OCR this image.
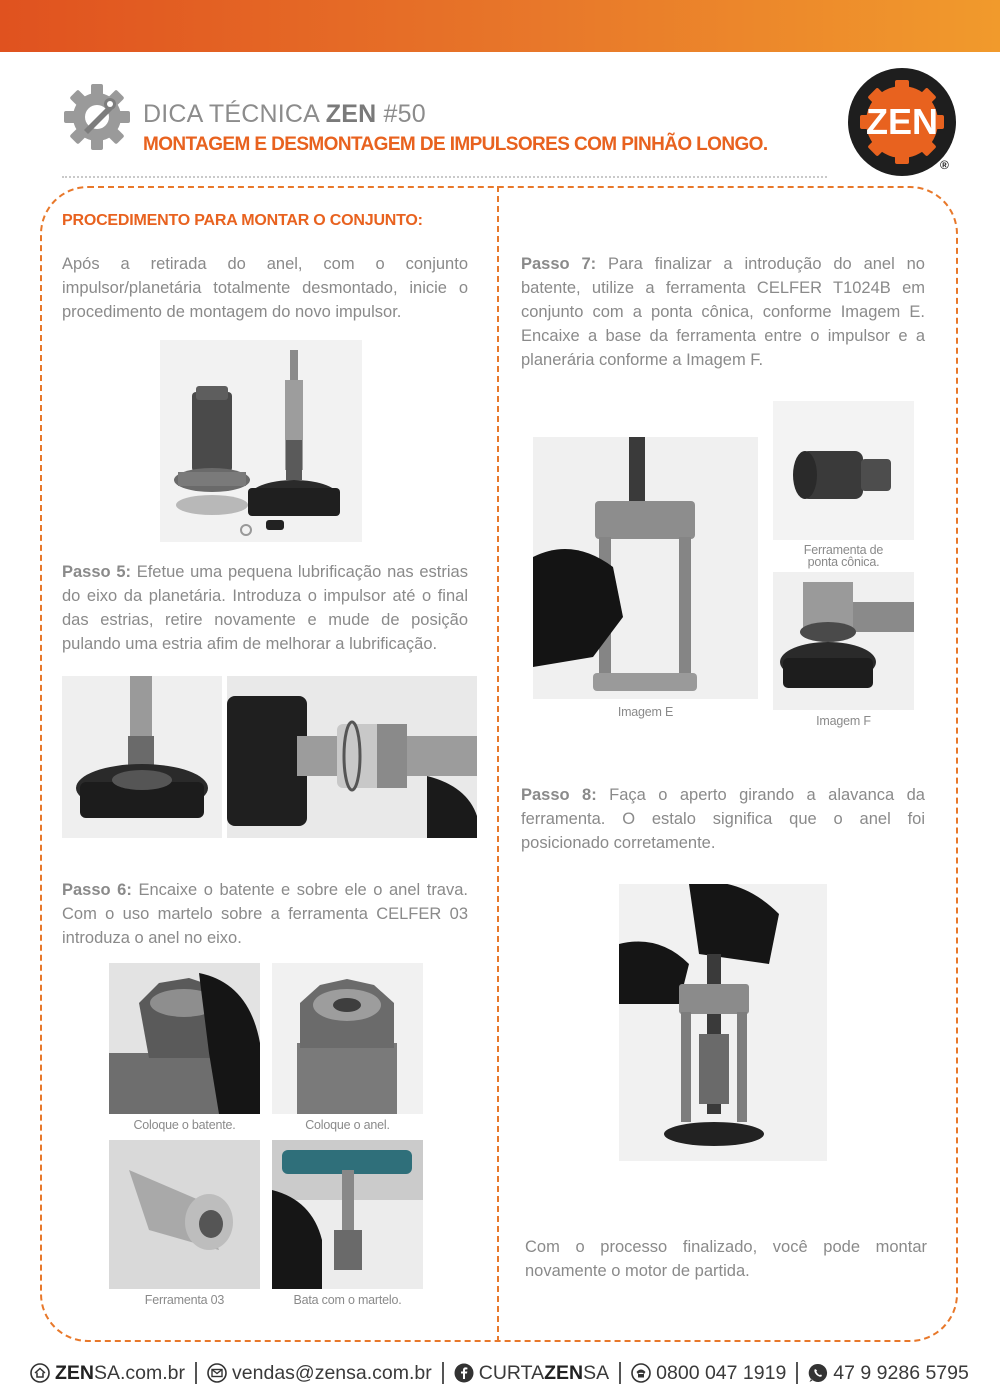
DICA TÉCNICA ZEN #50
MONTAGEM E DESMONTAGEM DE IMPULSORES COM PINHÃO LONGO.
ZEN
®
PROCEDIMENTO PARA MONTAR O CONJUNTO:
Após a retirada do anel, com o conjunto impulsor/planetária totalmente desmontado, inicie o procedimento de montagem do novo impulsor.
Passo 5: Efetue uma pequena lubrificação nas estrias do eixo da planetária. Introduza o impulsor até o final das estrias, retire novamente e mude de posição pulando uma estria afim de melhorar a lubrificação.
Passo 6: Encaixe o batente e sobre ele o anel trava. Com o uso martelo sobre a ferramenta CELFER 03 introduza o anel no eixo.
Coloque o batente.	Coloque o anel.
Ferramenta 03	Bata com o martelo.
Passo 7: Para finalizar a introdução do anel no batente, utilize a ferramenta CELFER T1024B em conjunto com a ponta cônica, conforme Imagem E. Encaixe a base da ferramenta entre o impulsor e a planerária conforme a Imagem F.
Imagem E
Ferramenta de
ponta cônica.
Imagem F
Passo 8: Faça o aperto girando a alavanca da ferramenta. O estalo significa que o anel foi posicionado corretamente.
Com o processo finalizado, você pode montar novamente o motor de partida.
ZEN SA.com.br vendas@zensa.com.br CURTA ZEN SA 0800 047 1919 47 9 9286 5795
